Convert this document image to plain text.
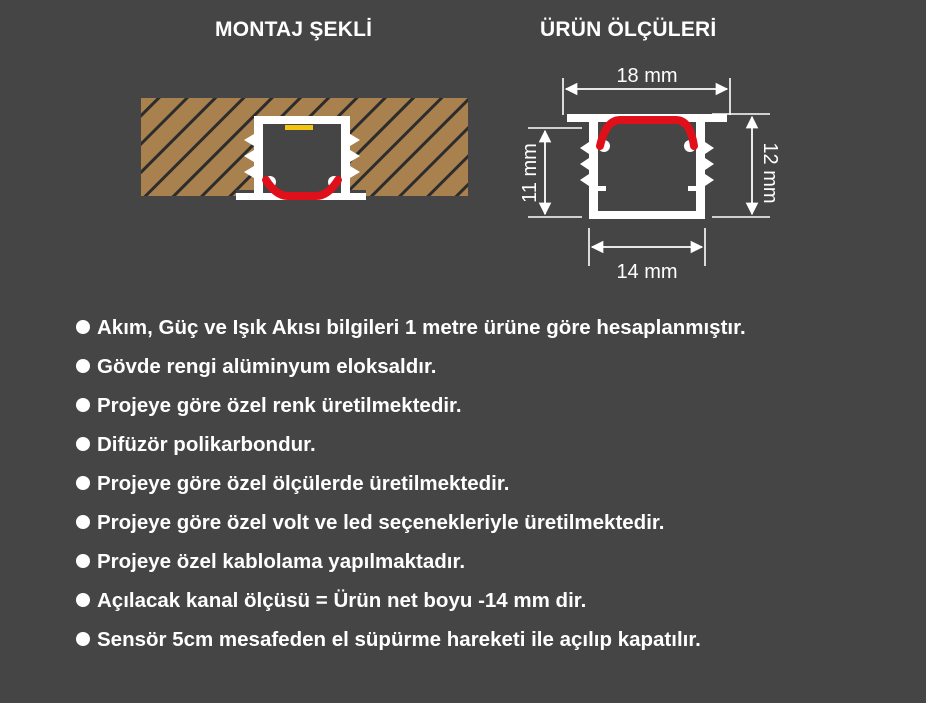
MONTAJ ŞEKLİ	ÜRÜN ÖLÇÜLERİ
18 mm
14 mm
11 mm	12 mm
Akım, Güç ve Işık Akısı bilgileri 1 metre ürüne göre hesaplanmıştır.
Gövde rengi alüminyum eloksaldır.
Projeye göre özel renk üretilmektedir.
Difüzör polikarbondur.
Projeye göre özel ölçülerde üretilmektedir.
Projeye göre özel volt ve led seçenekleriyle üretilmektedir.
Projeye özel kablolama yapılmaktadır.
Açılacak kanal ölçüsü = Ürün net boyu -14 mm dir.
Sensör 5cm mesafeden el süpürme hareketi ile açılıp kapatılır.
